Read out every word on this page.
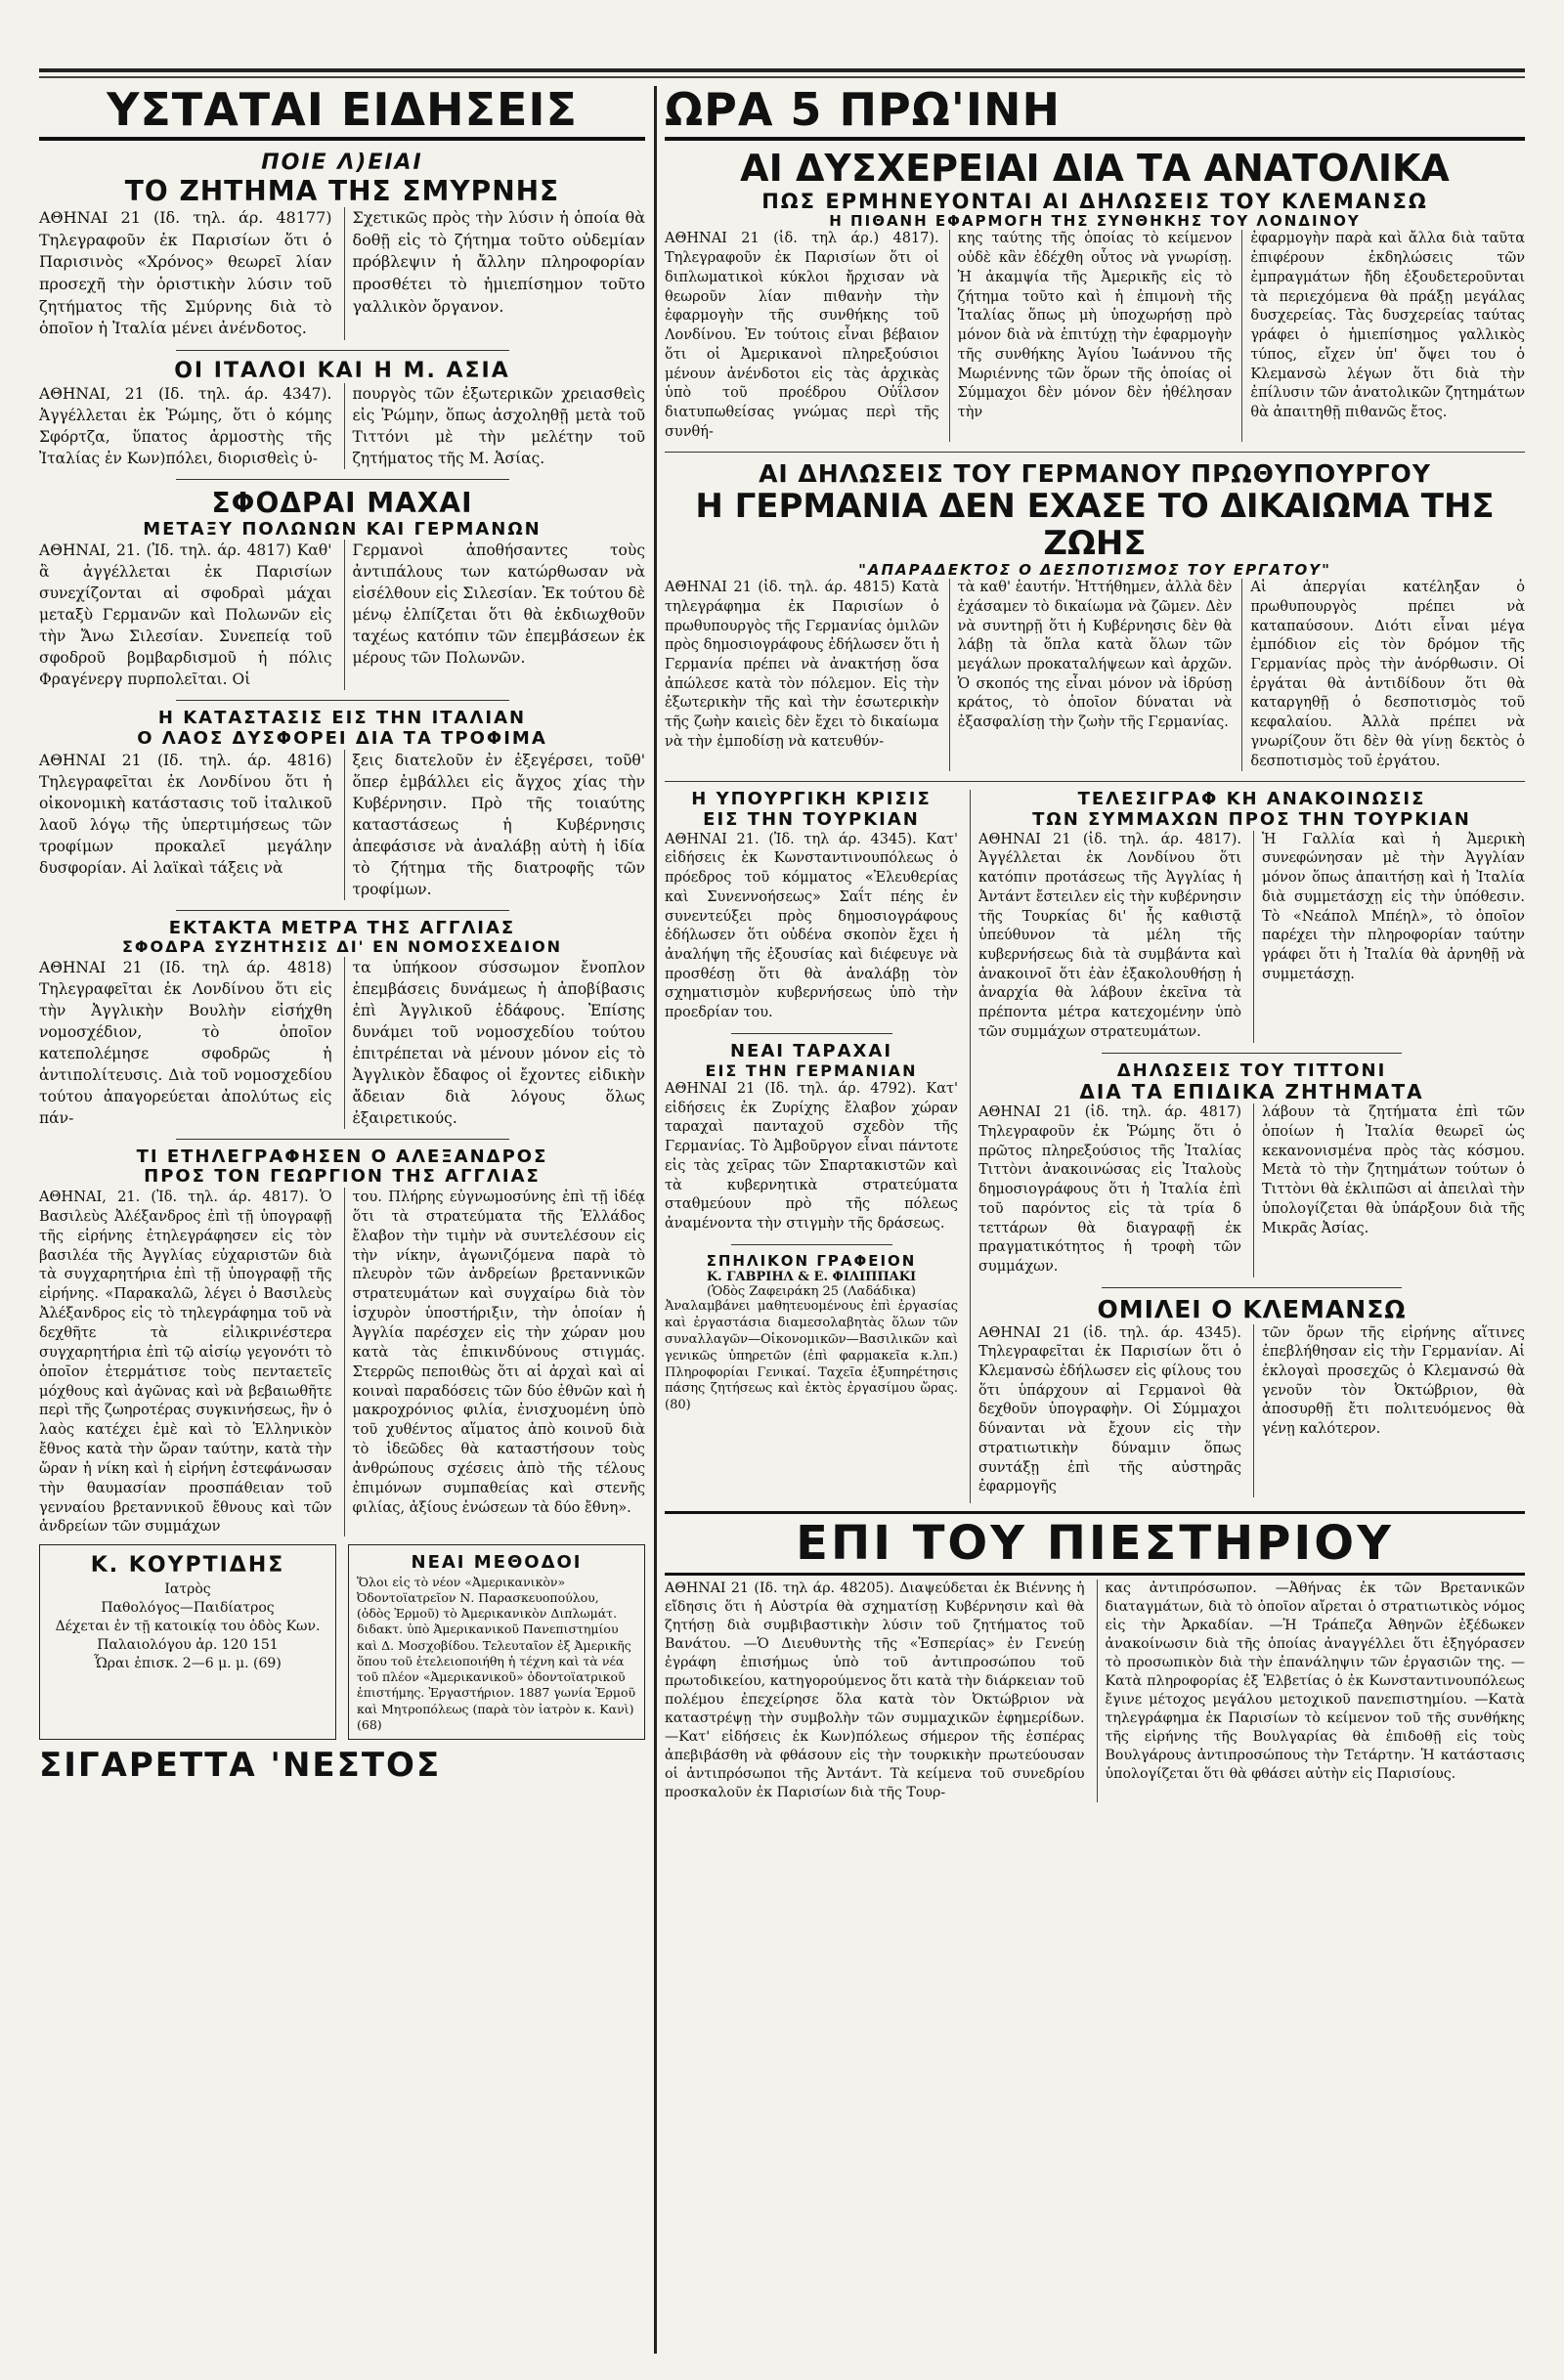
ΥΣΤΑΤΑΙ ΕΙΔΗΣΕΙΣ
ΠΟΙΕ Λ)ΕΙΑΙ
ΤΟ ΖΗΤΗΜΑ ΤΗΣ ΣΜΥΡΝΗΣ
ΑΘΗΝΑΙ 21 (Ιδ. τηλ. άρ. 48177) Τηλεγραφοῦν ἐκ Παρισίων ὅτι ὁ Παρισινὸς «Χρόνος» θεωρεῖ λίαν προσεχῆ τὴν ὁριστικὴν λύσιν τοῦ ζητήματος τῆς Σμύρνης διὰ τὸ ὁποῖον ἡ Ἰταλία μένει ἀνένδοτος.
Σχετικῶς πρὸς τὴν λύσιν ἡ ὁποία θὰ δοθῇ εἰς τὸ ζήτημα τοῦτο οὐδεμίαν πρόβλεψιν ἡ ἄλλην πληροφορίαν προσθέτει τὸ ἡμιεπίσημον τοῦτο γαλλικὸν ὄργανον.
ΟΙ ΙΤΑΛΟΙ ΚΑΙ Η Μ. ΑΣΙΑ
ΑΘΗΝΑΙ, 21 (Ιδ. τηλ. άρ. 4347). Ἀγγέλλεται ἐκ Ῥώμης, ὅτι ὁ κόμης Σφόρτζα, ὕπατος ἁρμοστὴς τῆς Ἰταλίας ἐν Κων)πόλει, διορισθεὶς ὑ-
πουργὸς τῶν ἐξωτερικῶν χρειασθεὶς εἰς Ῥώμην, ὅπως ἀσχοληθῇ μετὰ τοῦ Τιττόνι μὲ τὴν μελέτην τοῦ ζητήματος τῆς Μ. Ἀσίας.
ΣΦΟΔΡΑΙ ΜΑΧΑΙ
ΜΕΤΑΞΥ ΠΟΛΩΝΩΝ ΚΑΙ ΓΕΡΜΑΝΩΝ
ΑΘΗΝΑΙ, 21. (Ἰδ. τηλ. άρ. 4817) Καθ' ἃ ἀγγέλλεται ἐκ Παρισίων συνεχίζονται αἱ σφοδραὶ μάχαι μεταξὺ Γερμανῶν καὶ Πολωνῶν εἰς τὴν Ἄνω Σιλεσίαν. Συνεπείᾳ τοῦ σφοδροῦ βομβαρδισμοῦ ἡ πόλις Φραγένεργ πυρπολεῖται. Οἱ
Γερμανοὶ ἀποθήσαντες τοὺς ἀντιπάλους των κατώρθωσαν νὰ εἰσέλθουν εἰς Σιλεσίαν. Ἐκ τούτου δὲ μένῳ ἐλπίζεται ὅτι θὰ ἐκδιωχθοῦν ταχέως κατόπιν τῶν ἐπεμβάσεων ἐκ μέρους τῶν Πολωνῶν.
Η ΚΑΤΑΣΤΑΣΙΣ ΕΙΣ ΤΗΝ ΙΤΑΛΙΑΝ
Ο ΛΑΟΣ ΔΥΣΦΟΡΕΙ ΔΙΑ ΤΑ ΤΡΟΦΙΜΑ
ΑΘΗΝΑΙ 21 (Ιδ. τηλ. άρ. 4816) Τηλεγραφεῖται ἐκ Λονδίνου ὅτι ἡ οἰκονομικὴ κατάστασις τοῦ ἰταλικοῦ λαοῦ λόγῳ τῆς ὑπερτιμήσεως τῶν τροφίμων προκαλεῖ μεγάλην δυσφορίαν. Αἱ λαϊκαὶ τάξεις νὰ
ξεις διατελοῦν ἐν ἐξεγέρσει, τοῦθ' ὅπερ ἐμβάλλει εἰς ἄγχος χίας τὴν Κυβέρνησιν. Πρὸ τῆς τοιαύτης καταστάσεως ἡ Κυβέρνησις ἀπεφάσισε νὰ ἀναλάβῃ αὐτὴ ἡ ἰδία τὸ ζήτημα τῆς διατροφῆς τῶν τροφίμων.
ΕΚΤΑΚΤΑ ΜΕΤΡΑ ΤΗΣ ΑΓΓΛΙΑΣ
ΣΦΟΔΡΑ ΣΥΖΗΤΗΣΙΣ ΔΙ' ΕΝ ΝΟΜΟΣΧΕΔΙΟΝ
ΑΘΗΝΑΙ 21 (Ιδ. τηλ άρ. 4818) Τηλεγραφεῖται ἐκ Λονδίνου ὅτι εἰς τὴν Ἀγγλικὴν Βουλὴν εἰσήχθη νομοσχέδιον, τὸ ὁποῖον κατεπολέμησε σφοδρῶς ἡ ἀντιπολίτευσις. Διὰ τοῦ νομοσχεδίου τούτου ἀπαγορεύεται ἀπολύτως εἰς πάν-
τα ὑπήκοον σύσσωμον ἔνοπλον ἐπεμβάσεις δυνάμεως ἡ ἀποβίβασις ἐπὶ Ἀγγλικοῦ ἐδάφους. Ἐπίσης δυνάμει τοῦ νομοσχεδίου τούτου ἐπιτρέπεται νὰ μένουν μόνον εἰς τὸ Ἀγγλικὸν ἔδαφος οἱ ἔχοντες εἰδικὴν ἄδειαν διὰ λόγους ὅλως ἐξαιρετικούς.
ΤΙ ΕΤΗΛΕΓΡΑΦΗΣΕΝ Ο ΑΛΕΞΑΝΔΡΟΣ
ΠΡΟΣ ΤΟΝ ΓΕΩΡΓΙΟΝ ΤΗΣ ΑΓΓΛΙΑΣ
ΑΘΗΝΑΙ, 21. (Ἰδ. τηλ. άρ. 4817). Ὁ Βασιλεὺς Ἀλέξανδρος ἐπὶ τῇ ὑπογραφῇ τῆς εἰρήνης ἐτηλεγράφησεν εἰς τὸν βασιλέα τῆς Ἀγγλίας εὐχαριστῶν διὰ τὰ συγχαρητήρια ἐπὶ τῇ ὑπογραφῇ τῆς εἰρήνης. «Παρακαλῶ, λέγει ὁ Βασιλεὺς Ἀλέξανδρος εἰς τὸ τηλεγράφημα τοῦ νὰ δεχθῆτε τὰ εἰλικρινέστερα συγχαρητήρια ἐπὶ τῷ αἰσίῳ γεγονότι τὸ ὁποῖον ἐτερμάτισε τοὺς πενταετεῖς μόχθους καὶ ἀγῶνας καὶ νὰ βεβαιωθῆτε περὶ τῆς ζωηροτέρας συγκινήσεως, ἣν ὁ λαὸς κατέχει ἐμὲ καὶ τὸ Ἑλληνικὸν ἔθνος κατὰ τὴν ὥραν ταύτην, κατὰ τὴν ὥραν ἡ νίκη καὶ ἡ εἰρήνη ἐστεφάνωσαν τὴν θαυμασίαν προσπάθειαν τοῦ γενναίου βρεταννικοῦ ἔθνους καὶ τῶν ἀνδρείων τῶν συμμάχων
του. Πλήρης εὐγνωμοσύνης ἐπὶ τῇ ἰδέᾳ ὅτι τὰ στρατεύματα τῆς Ἑλλάδος ἔλαβον τὴν τιμὴν νὰ συντελέσουν εἰς τὴν νίκην, ἀγωνιζόμενα παρὰ τὸ πλευρὸν τῶν ἀνδρείων βρεταννικῶν στρατευμάτων καὶ συγχαίρω διὰ τὸν ἰσχυρὸν ὑποστήριξιν, τὴν ὁποίαν ἡ Ἀγγλία παρέσχεν εἰς τὴν χώραν μου κατὰ τὰς ἐπικινδύνους στιγμάς. Στερρῶς πεποιθὼς ὅτι αἱ ἀρχαὶ καὶ αἱ κοιναὶ παραδόσεις τῶν δύο ἐθνῶν καὶ ἡ μακροχρόνιος φιλία, ἐνισχυομένη ὑπὸ τοῦ χυθέντος αἵματος ἀπὸ κοινοῦ διὰ τὸ ἰδεῶδες θὰ καταστήσουν τοὺς ἀνθρώπους σχέσεις ἀπὸ τῆς τέλους ἐπιμόνων συμπαθείας καὶ στενῆς φιλίας, ἀξίους ἐνώσεων τὰ δύο ἔθνη».
Κ. ΚΟΥΡΤΙΔΗΣ
Ιατρὸς
Παθολόγος—Παιδίατρος
Δέχεται ἐν τῇ κατοικίᾳ του ὁδὸς Κων. Παλαιολόγου ἀρ. 120 151
Ὧραι ἐπισκ. 2—6 μ. μ. (69)
ΝΕΑΙ ΜΕΘΟΔΟΙ
Ὅλοι εἰς τὸ νέον «Ἀμερικανικὸν» Ὀδοντοϊατρεῖον Ν. Παρασκευοπούλου, (ὁδὸς Ἑρμοῦ) τὸ Ἀμερικανικὸν Διπλωμάτ. διδακτ. ὑπὸ Ἀμερικανικοῦ Πανεπιστημίου καὶ Δ. Μοσχοβίδου. Τελευταῖον ἐξ Ἀμερικῆς ὅπου τοῦ ἐτελειοποιήθη ἡ τέχνη καὶ τὰ νέα τοῦ πλέον «Ἀμερικανικοῦ» ὀδοντοϊατρικοῦ ἐπιστήμης. Ἐργαστήριον. 1887 γωνία Ἐρμοῦ καὶ Μητροπόλεως (παρὰ τὸν ἰατρὸν κ. Κανὶ) (68)
ΣΙΓΑΡΕΤΤΑ 'ΝΕΣΤΟΣ
ΩΡΑ 5 ΠΡΩ'ΙΝΗ
ΑΙ ΔΥΣΧΕΡΕΙΑΙ ΔΙΑ ΤΑ ΑΝΑΤΟΛΙΚΑ
ΠΩΣ ΕΡΜΗΝΕΥΟΝΤΑΙ ΑΙ ΔΗΛΩΣΕΙΣ ΤΟΥ ΚΛΕΜΑΝΣΩ
Η ΠΙΘΑΝΗ ΕΦΑΡΜΟΓΗ ΤΗΣ ΣΥΝΘΗΚΗΣ ΤΟΥ ΛΟΝΔΙΝΟΥ
ΑΘΗΝΑΙ 21 (ἰδ. τηλ άρ.) 4817). Τηλεγραφοῦν ἐκ Παρισίων ὅτι οἱ διπλωματικοὶ κύκλοι ἤρχισαν νὰ θεωροῦν λίαν πιθανὴν τὴν ἐφαρμογὴν τῆς συνθήκης τοῦ Λονδίνου. Ἐν τούτοις εἶναι βέβαιον ὅτι οἱ Ἀμερικανοὶ πληρεξούσιοι μένουν ἀνένδοτοι εἰς τὰς ἀρχικὰς ὑπὸ τοῦ προέδρου Οὐΐλσον διατυπωθείσας γνώμας περὶ τῆς συνθή-
κης ταύτης τῆς ὁποίας τὸ κείμενον οὐδὲ κἂν ἐδέχθη οὗτος νὰ γνωρίσῃ. Ἡ ἀκαμψία τῆς Ἀμερικῆς εἰς τὸ ζήτημα τοῦτο καὶ ἡ ἐπιμονὴ τῆς Ἰταλίας ὅπως μὴ ὑποχωρήσῃ πρὸ μόνον διὰ νὰ ἐπιτύχῃ τὴν ἐφαρμογὴν τῆς συνθήκης Ἁγίου Ἰωάννου τῆς Μωριέννης τῶν ὅρων τῆς ὁποίας οἱ Σύμμαχοι δὲν μόνον δὲν ἠθέλησαν τὴν
ἐφαρμογὴν παρὰ καὶ ἄλλα διὰ ταῦτα ἐπιφέρουν ἐκδηλώσεις τῶν ἐμπραγμάτων ἤδη ἐξουδετεροῦνται τὰ περιεχόμενα θὰ πράξῃ μεγάλας δυσχερείας. Τὰς δυσχερείας ταύτας γράφει ὁ ἡμιεπίσημος γαλλικὸς τύπος, εἴχεν ὑπ' ὄψει του ὁ Κλεμανσὼ λέγων ὅτι διὰ τὴν ἐπίλυσιν τῶν ἀνατολικῶν ζητημάτων θὰ ἀπαιτηθῇ πιθανῶς ἔτος.
ΑΙ ΔΗΛΩΣΕΙΣ ΤΟΥ ΓΕΡΜΑΝΟΥ ΠΡΩΘΥΠΟΥΡΓΟΥ
Η ΓΕΡΜΑΝΙΑ ΔΕΝ ΕΧΑΣΕ ΤΟ ΔΙΚΑΙΩΜΑ ΤΗΣ ΖΩΗΣ
"ΑΠΑΡΑΔΕΚΤΟΣ Ο ΔΕΣΠΟΤΙΣΜΟΣ ΤΟΥ ΕΡΓΑΤΟΥ"
ΑΘΗΝΑΙ 21 (ἰδ. τηλ. άρ. 4815) Κατὰ τηλεγράφημα ἐκ Παρισίων ὁ πρωθυπουργὸς τῆς Γερμανίας ὁμιλῶν πρὸς δημοσιογράφους ἐδήλωσεν ὅτι ἡ Γερμανία πρέπει νὰ ἀνακτήσῃ ὅσα ἀπώλεσε κατὰ τὸν πόλεμον. Εἰς τὴν ἐξωτερικὴν τῆς καὶ τὴν ἐσωτερικὴν τῆς ζωὴν καιεὶς δὲν ἔχει τὸ δικαίωμα νὰ τὴν ἐμποδίσῃ νὰ κατευθύν-
τὰ καθ' ἑαυτήν. Ἡττήθημεν, ἀλλὰ δὲν ἐχάσαμεν τὸ δικαίωμα νὰ ζῶμεν. Δὲν νὰ συντηρῇ ὅτι ἡ Κυβέρνησις δὲν θὰ λάβῃ τὰ ὅπλα κατὰ ὅλων τῶν μεγάλων προκαταλήψεων καὶ ἀρχῶν. Ὁ σκοπός της εἶναι μόνον νὰ ἰδρύσῃ κράτος, τὸ ὁποῖον δύναται νὰ ἐξασφαλίσῃ τὴν ζωὴν τῆς Γερμανίας.
Αἱ ἀπεργίαι κατέληξαν ὁ πρωθυπουργὸς πρέπει νὰ καταπαύσουν. Διότι εἶναι μέγα ἐμπόδιον εἰς τὸν δρόμον τῆς Γερμανίας πρὸς τὴν ἀνόρθωσιν. Οἱ ἐργάται θὰ ἀντιδίδουν ὅτι θὰ καταργηθῇ ὁ δεσποτισμὸς τοῦ κεφαλαίου. Ἀλλὰ πρέπει νὰ γνωρίζουν ὅτι δὲν θὰ γίνῃ δεκτὸς ὁ δεσποτισμὸς τοῦ ἐργάτου.
Η ΥΠΟΥΡΓΙΚΗ ΚΡΙΣΙΣ
ΕΙΣ ΤΗΝ ΤΟΥΡΚΙΑΝ
ΑΘΗΝΑΙ 21. (Ἰδ. τηλ άρ. 4345). Κατ' εἰδήσεις ἐκ Κωνσταντινουπόλεως ὁ πρόεδρος τοῦ κόμματος «Ἐλευθερίας καὶ Συνεννοήσεως» Σαΐτ πέης ἐν συνεντεύξει πρὸς δημοσιογράφους ἐδήλωσεν ὅτι οὐδένα σκοπὸν ἔχει ἡ ἀναλήψη τῆς ἐξουσίας καὶ διέφευγε νὰ προσθέσῃ ὅτι θὰ ἀναλάβῃ τὸν σχηματισμὸν κυβερνήσεως ὑπὸ τὴν προεδρίαν του.
ΝΕΑΙ ΤΑΡΑΧΑΙ
ΕΙΣ ΤΗΝ ΓΕΡΜΑΝΙΑΝ
ΑΘΗΝΑΙ 21 (Ιδ. τηλ. άρ. 4792). Κατ' εἰδήσεις ἐκ Ζυρίχης ἔλαβον χώραν ταραχαὶ πανταχοῦ σχεδὸν τῆς Γερμανίας. Τὸ Ἀμβοῦργον εἶναι πάντοτε εἰς τὰς χεῖρας τῶν Σπαρτακιστῶν καὶ τὰ κυβερνητικὰ στρατεύματα σταθμεύουν πρὸ τῆς πόλεως ἀναμένοντα τὴν στιγμὴν τῆς δράσεως.
ΣΠΗΛΙΚΟΝ ΓΡΑΦΕΙΟΝ
Κ. ΓΑΒΡΙΗΛ & Ε. ΦΙΛΙΠΠΑΚΙ
(Ὁδὸς Ζαφειράκη 25 (Λαδάδικα)
Ἀναλαμβάνει μαθητευομένους ἐπὶ ἐργασίας καὶ ἐργαστάσια διαμεσολαβητὰς ὅλων τῶν συναλλαγῶν—Οἰκονομικῶν—Βασιλικῶν καὶ γενικῶς ὑπηρετῶν (ἐπὶ φαρμακεῖα κ.λπ.) Πληροφορίαι Γενικαί. Ταχεῖα ἐξυπηρέτησις πάσης ζητήσεως καὶ ἐκτὸς ἐργασίμου ὥρας. (80)
ΤΕΛΕΣΙΓΡΑΦ ΚΗ ΑΝΑΚΟΙΝΩΣΙΣ
ΤΩΝ ΣΥΜΜΑΧΩΝ ΠΡΟΣ ΤΗΝ ΤΟΥΡΚΙΑΝ
ΑΘΗΝΑΙ 21 (ἰδ. τηλ. άρ. 4817). Ἀγγέλλεται ἐκ Λονδίνου ὅτι κατόπιν προτάσεως τῆς Ἀγγλίας ἡ Ἀντάντ ἔστειλεν εἰς τὴν κυβέρνησιν τῆς Τουρκίας δι' ἧς καθιστᾷ ὑπεύθυνον τὰ μέλη τῆς κυβερνήσεως διὰ τὰ συμβάντα καὶ ἀνακοινοῖ ὅτι ἐὰν ἐξακολουθήσῃ ἡ ἀναρχία θὰ λάβουν ἐκεῖνα τὰ πρέποντα μέτρα κατεχομένην ὑπὸ τῶν συμμάχων στρατευμάτων.
Ἡ Γαλλία καὶ ἡ Ἀμερικὴ συνεφώνησαν μὲ τὴν Ἀγγλίαν μόνον ὅπως ἀπαιτήσῃ καὶ ἡ Ἰταλία διὰ συμμετάσχῃ εἰς τὴν ὑπόθεσιν. Τὸ «Νεάπολ Μπέηλ», τὸ ὁποῖον παρέχει τὴν πληροφορίαν ταύτην γράφει ὅτι ἡ Ἰταλία θὰ ἀρνηθῇ νὰ συμμετάσχῃ.
ΔΗΛΩΣΕΙΣ ΤΟΥ ΤΙΤΤΟΝΙ
ΔΙΑ ΤΑ ΕΠΙΔΙΚΑ ΖΗΤΗΜΑΤΑ
ΑΘΗΝΑΙ 21 (ἰδ. τηλ. άρ. 4817) Τηλεγραφοῦν ἐκ Ῥώμης ὅτι ὁ πρῶτος πληρεξούσιος τῆς Ἰταλίας Τιττὸνι ἀνακοινώσας εἰς Ἰταλοὺς δημοσιογράφους ὅτι ἡ Ἰταλία ἐπὶ τοῦ παρόντος εἰς τὰ τρία δ τεττάρων θὰ διαγραφῇ ἐκ πραγματικότητος ἡ τροφὴ τῶν συμμάχων.
λάβουν τὰ ζητήματα ἐπὶ τῶν ὁποίων ἡ Ἰταλία θεωρεῖ ὡς κεκανονισμένα πρὸς τὰς κόσμου. Μετὰ τὸ τὴν ζητημάτων τούτων ὁ Τιττὸνι θὰ ἐκλιπῶσι αἱ ἀπειλαὶ τὴν ὑπολογίζεται θὰ ὑπάρξουν διὰ τῆς Μικρᾶς Ἀσίας.
ΟΜΙΛΕΙ Ο ΚΛΕΜΑΝΣΩ
ΑΘΗΝΑΙ 21 (ἰδ. τηλ. άρ. 4345). Τηλεγραφεῖται ἐκ Παρισίων ὅτι ὁ Κλεμανσὼ ἐδήλωσεν εἰς φίλους του ὅτι ὑπάρχουν αἱ Γερμανοὶ θὰ δεχθοῦν ὑπογραφὴν. Οἱ Σύμμαχοι δύνανται νὰ ἔχουν εἰς τὴν στρατιωτικὴν δύναμιν ὅπως συντάξῃ ἐπὶ τῆς αὐστηρᾶς ἐφαρμογῆς
τῶν ὅρων τῆς εἰρήνης αἵτινες ἐπεβλήθησαν εἰς τὴν Γερμανίαν. Αἱ ἐκλογαὶ προσεχῶς ὁ Κλεμανσώ θὰ γενοῦν τὸν Ὀκτώβριον, θὰ ἀποσυρθῇ ἔτι πολιτευόμενος θὰ γένῃ καλότερον.
ΕΠΙ ΤΟΥ ΠΙΕΣΤΗΡΙΟΥ
ΑΘΗΝΑΙ 21 (Ιδ. τηλ άρ. 48205). Διαψεύδεται ἐκ Βιέννης ἡ εἴδησις ὅτι ἡ Αὐστρία θὰ σχηματίσῃ Κυβέρνησιν καὶ θὰ ζητήσῃ διὰ συμβιβαστικὴν λύσιν τοῦ ζητήματος τοῦ Βανάτου. —Ὁ Διευθυντὴς τῆς «Ἑσπερίας» ἐν Γενεύῃ ἐγράφη ἐπισήμως ὑπὸ τοῦ ἀντιπροσώπου τοῦ πρωτοδικείου, κατηγορούμενος ὅτι κατὰ τὴν διάρκειαν τοῦ πολέμου ἐπεχείρησε ὅλα κατὰ τὸν Ὀκτώβριον νὰ καταστρέψῃ τὴν συμβολὴν τῶν συμμαχικῶν ἐφημερίδων. —Κατ' εἰδήσεις ἐκ Κων)πόλεως σήμερον τῆς ἐσπέρας ἀπεβιβάσθη νὰ φθάσουν εἰς τὴν τουρκικὴν πρωτεύουσαν οἱ ἀντιπρόσωποι τῆς Ἀντάντ. Τὰ κείμενα τοῦ συνεδρίου προσκαλοῦν ἐκ Παρισίων διὰ τῆς Τουρ-
κας ἀντιπρόσωπον. —Ἀθήνας ἐκ τῶν Βρετανικῶν διαταγμάτων, διὰ τὸ ὁποῖον αἴρεται ὁ στρατιωτικὸς νόμος εἰς τὴν Ἀρκαδίαν. —Ἡ Τράπεζα Ἀθηνῶν ἐξέδωκεν ἀνακοίνωσιν διὰ τῆς ὁποίας ἀναγγέλλει ὅτι ἐξηγόρασεν τὸ προσωπικὸν διὰ τὴν ἐπανάληψιν τῶν ἐργασιῶν της. —Κατὰ πληροφορίας ἐξ Ἑλβετίας ὁ ἐκ Κωνσταντινουπόλεως ἔγινε μέτοχος μεγάλου μετοχικοῦ πανεπιστημίου. —Κατὰ τηλεγράφημα ἐκ Παρισίων τὸ κείμενον τοῦ τῆς συνθήκης τῆς εἰρήνης τῆς Βουλγαρίας θὰ ἐπιδοθῇ εἰς τοὺς Βουλγάρους ἀντιπροσώπους τὴν Τετάρτην. Ἡ κατάστασις ὑπολογίζεται ὅτι θὰ φθάσει αὐτὴν εἰς Παρισίους.
